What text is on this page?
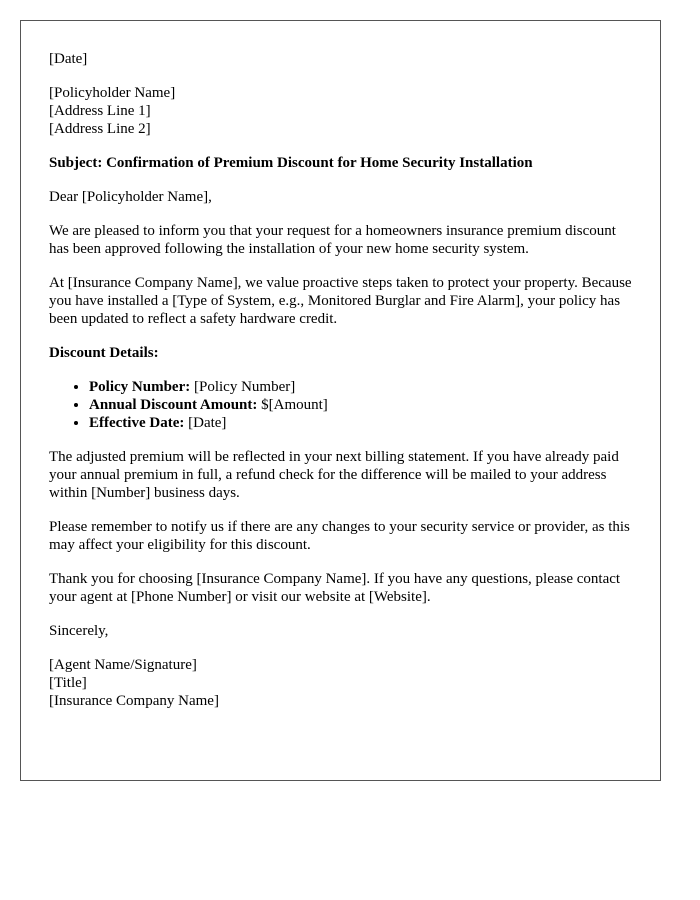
[Date]

[Policyholder Name]
[Address Line 1]
[Address Line 2]

Subject: Confirmation of Premium Discount for Home Security Installation

Dear [Policyholder Name],

We are pleased to inform you that your request for a homeowners insurance premium discount has been approved following the installation of your new home security system.

At [Insurance Company Name], we value proactive steps taken to protect your property. Because you have installed a [Type of System, e.g., Monitored Burglar and Fire Alarm], your policy has been updated to reflect a safety hardware credit.

Discount Details:

• Policy Number: [Policy Number]
• Annual Discount Amount: $[Amount]
• Effective Date: [Date]

The adjusted premium will be reflected in your next billing statement. If you have already paid your annual premium in full, a refund check for the difference will be mailed to your address within [Number] business days.

Please remember to notify us if there are any changes to your security service or provider, as this may affect your eligibility for this discount.

Thank you for choosing [Insurance Company Name]. If you have any questions, please contact your agent at [Phone Number] or visit our website at [Website].

Sincerely,

[Agent Name/Signature]
[Title]
[Insurance Company Name]
